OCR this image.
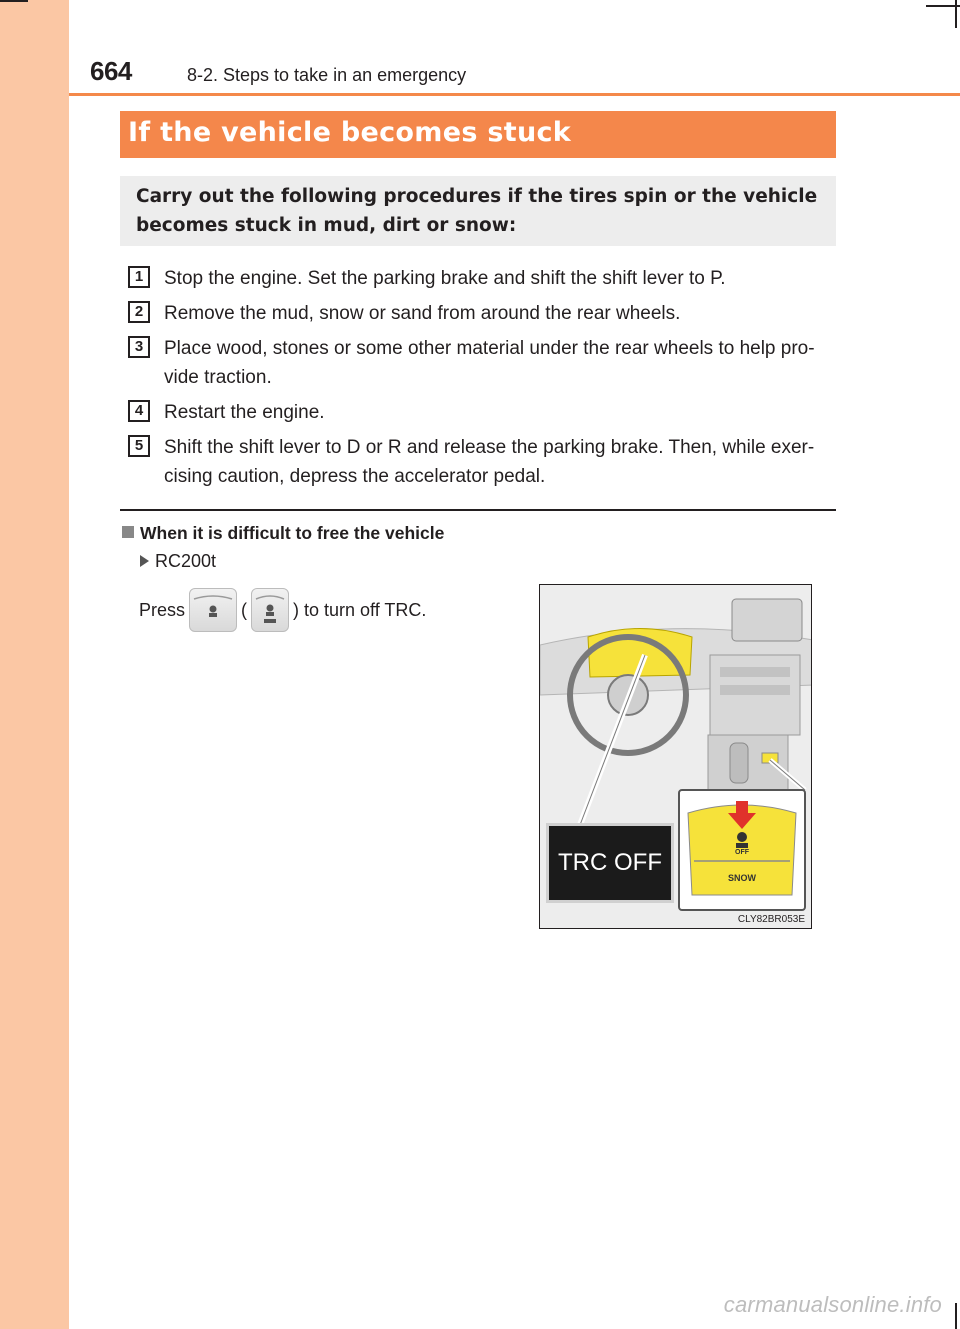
664	8-2. Steps to take in an emergency
If the vehicle becomes stuck
Carry out the following procedures if the tires spin or the vehicle becomes stuck in mud, dirt or snow:
1	Stop the engine. Set the parking brake and shift the shift lever to P.
2	Remove the mud, snow or sand from around the rear wheels.
3	Place wood, stones or some other material under the rear wheels to help pro-vide traction.
4	Restart the engine.
5	Shift the shift lever to D or R and release the parking brake. Then, while exer-cising caution, depress the accelerator pedal.
When it is difficult to free the vehicle
RC200t
Press	(	) to turn off TRC.
TRC OFF	OFF
SNOW
CLY82BR053E
carmanualsonline.info
